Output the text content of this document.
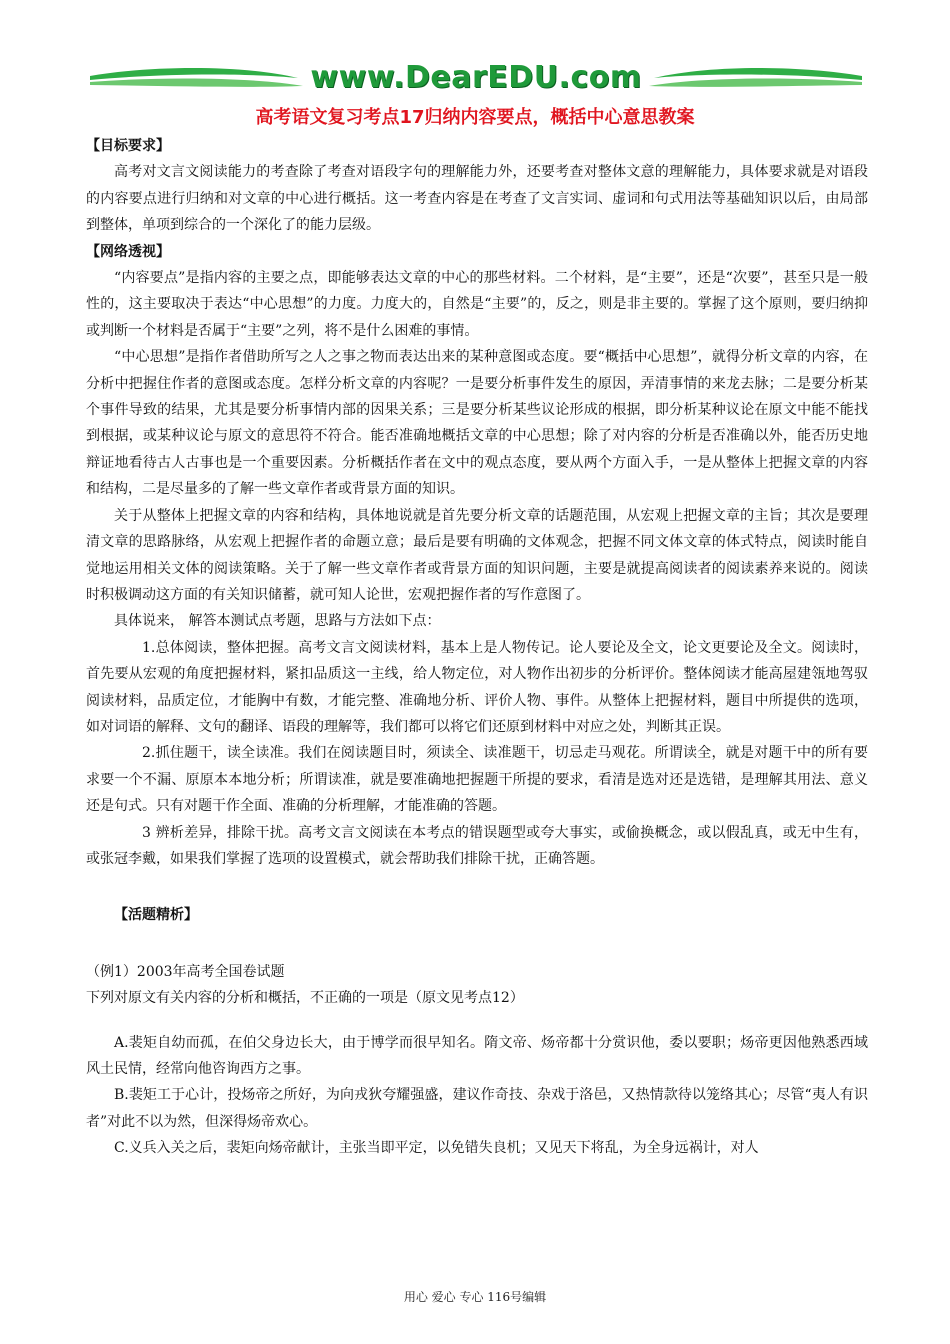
www.DearEDU.com
高考语文复习考点17归纳内容要点，概括中心意思教案

【目标要求】

高考对文言文阅读能力的考查除了考查对语段字句的理解能力外，还要考查对整体文意的理解能力，具体要求就是对语段的内容要点进行归纳和对文章的中心进行概括。这一考查内容是在考查了文言实词、虚词和句式用法等基础知识以后，由局部到整体，单项到综合的一个深化了的能力层级。

【网络透视】

“内容要点”是指内容的主要之点，即能够表达文章的中心的那些材料。二个材料，是“主要”，还是“次要”，甚至只是一般性的，这主要取决于表达“中心思想”的力度。力度大的，自然是“主要”的，反之，则是非主要的。掌握了这个原则，要归纳抑或判断一个材料是否属于“主要”之列，将不是什么困难的事情。

“中心思想”是指作者借助所写之人之事之物而表达出来的某种意图或态度。要“概括中心思想”，就得分析文章的内容，在分析中把握住作者的意图或态度。怎样分析文章的内容呢？一是要分析事件发生的原因，弄清事情的来龙去脉；二是要分析某个事件导致的结果，尤其是要分析事情内部的因果关系；三是要分析某些议论形成的根据，即分析某种议论在原文中能不能找到根据，或某种议论与原文的意思符不符合。能否准确地概括文章的中心思想；除了对内容的分析是否准确以外，能否历史地辩证地看待古人古事也是一个重要因素。分析概括作者在文中的观点态度，要从两个方面入手，一是从整体上把握文章的内容和结构，二是尽量多的了解一些文章作者或背景方面的知识。

关于从整体上把握文章的内容和结构，具体地说就是首先要分析文章的话题范围，从宏观上把握文章的主旨；其次是要理清文章的思路脉络，从宏观上把握作者的命题立意；最后是要有明确的文体观念，把握不同文体文章的体式特点，阅读时能自觉地运用相关文体的阅读策略。关于了解一些文章作者或背景方面的知识问题，主要是就提高阅读者的阅读素养来说的。阅读时积极调动这方面的有关知识储蓄，就可知人论世，宏观把握作者的写作意图了。

具体说来， 解答本测试点考题，思路与方法如下点：

1.总体阅读，整体把握。高考文言文阅读材料，基本上是人物传记。论人要论及全文，论文更要论及全文。阅读时，首先要从宏观的角度把握材料，紧扣品质这一主线，给人物定位，对人物作出初步的分析评价。整体阅读才能高屋建瓴地驾驭阅读材料，品质定位，才能胸中有数，才能完整、准确地分析、评价人物、事件。从整体上把握材料，题目中所提供的选项，如对词语的解释、文句的翻译、语段的理解等，我们都可以将它们还原到材料中对应之处，判断其正误。

2.抓住题干，读全读准。我们在阅读题目时，须读全、读准题干，切忌走马观花。所谓读全，就是对题干中的所有要求要一个不漏、原原本本地分析；所谓读准，就是要准确地把握题干所提的要求，看清是选对还是选错，是理解其用法、意义还是句式。只有对题干作全面、准确的分析理解，才能准确的答题。

3 辨析差异，排除干扰。高考文言文阅读在本考点的错误题型或夸大事实，或偷换概念，或以假乱真，或无中生有，或张冠李戴，如果我们掌握了选项的设置模式，就会帮助我们排除干扰，正确答题。

【活题精析】

（例1）2003年高考全国卷试题

下列对原文有关内容的分析和概括，不正确的一项是（原文见考点12）

A.裴矩自幼而孤，在伯父身边长大，由于博学而很早知名。隋文帝、炀帝都十分赏识他，委以要职；炀帝更因他熟悉西域风土民情，经常向他咨询西方之事。

B.裴矩工于心计，投炀帝之所好，为向戎狄夸耀强盛，建议作奇技、杂戏于洛邑，又热情款待以笼络其心；尽管“夷人有识者”对此不以为然，但深得炀帝欢心。

C.义兵入关之后，裴矩向炀帝献计，主张当即平定，以免错失良机；又见天下将乱，为全身远祸计，对人

用心 爱心 专心 116号编辑
